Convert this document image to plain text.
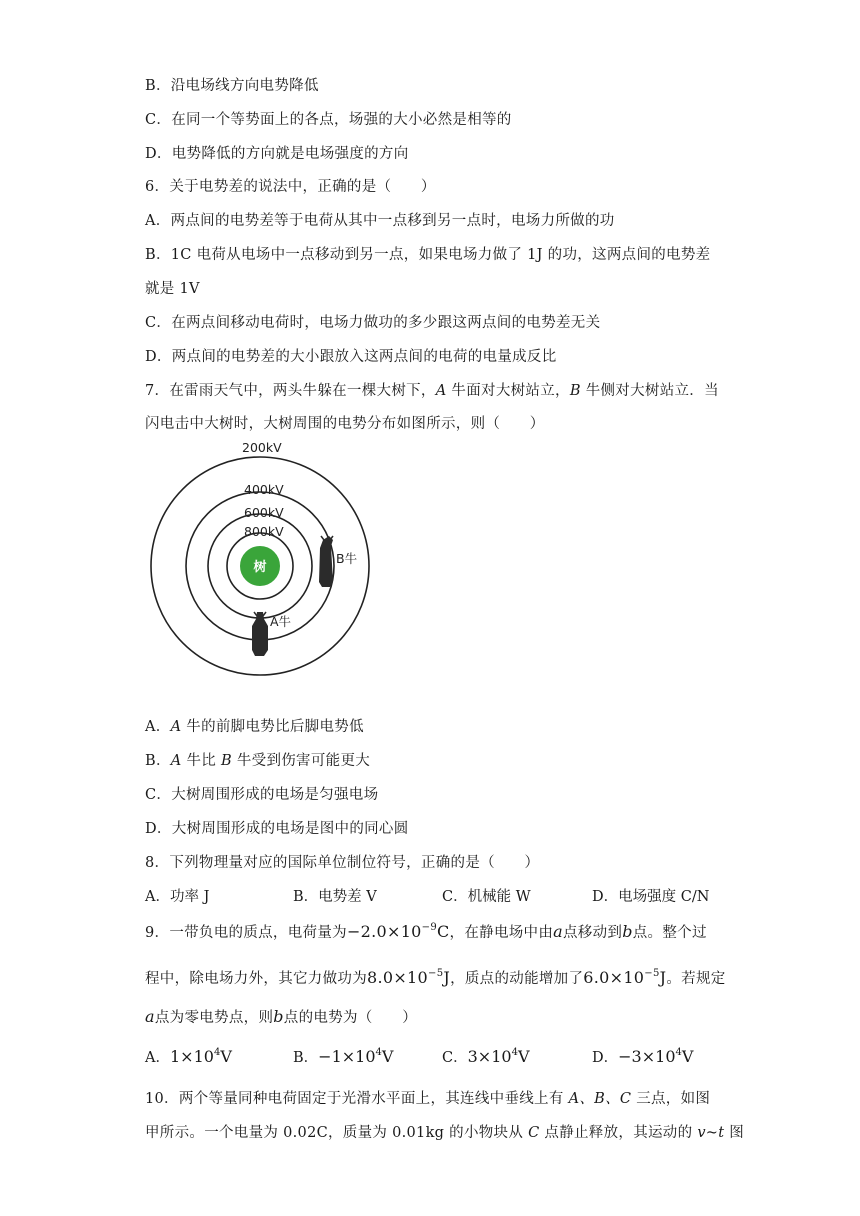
B．沿电场线方向电势降低
C．在同一个等势面上的各点，场强的大小必然是相等的
D．电势降低的方向就是电场强度的方向
6．关于电势差的说法中，正确的是（　　）
A．两点间的电势差等于电荷从其中一点移到另一点时，电场力所做的功
B．1C 电荷从电场中一点移动到另一点，如果电场力做了 1J 的功，这两点间的电势差
就是 1V
C．在两点间移动电荷时，电场力做功的多少跟这两点间的电势差无关
D．两点间的电势差的大小跟放入这两点间的电荷的电量成反比
7．在雷雨天气中，两头牛躲在一棵大树下，A 牛面对大树站立，B 牛侧对大树站立．当
闪电击中大树时，大树周围的电势分布如图所示，则（　　）
树
200kV
400kV
600kV
800kV
B牛
A牛
A．A 牛的前脚电势比后脚电势低
B．A 牛比 B 牛受到伤害可能更大
C．大树周围形成的电场是匀强电场
D．大树周围形成的电场是图中的同心圆
8．下列物理量对应的国际单位制位符号，正确的是（　　）
A．功率 J	B．电势差 V	C．机械能 W	D．电场强度 C/N
9．一带负电的质点，电荷量为$-2.0\times 10^{-9}C$，在静电场中由a点移动到b点。整个过
程中，除电场力外，其它力做功为$8.0\times 10^{-5}J$，质点的动能增加了$6.0\times 10^{-5}J$。若规定
a点为零电势点，则b点的电势为（　　）
A．$1\times 10^4V$	B．$-1\times 10^4V$	C．$3\times 10^4V$	D．$-3\times 10^4V$
10．两个等量同种电荷固定于光滑水平面上，其连线中垂线上有 A、B、C 三点，如图
甲所示。一个电量为 0.02C，质量为 0.01kg 的小物块从 C 点静止释放，其运动的 v~t 图
